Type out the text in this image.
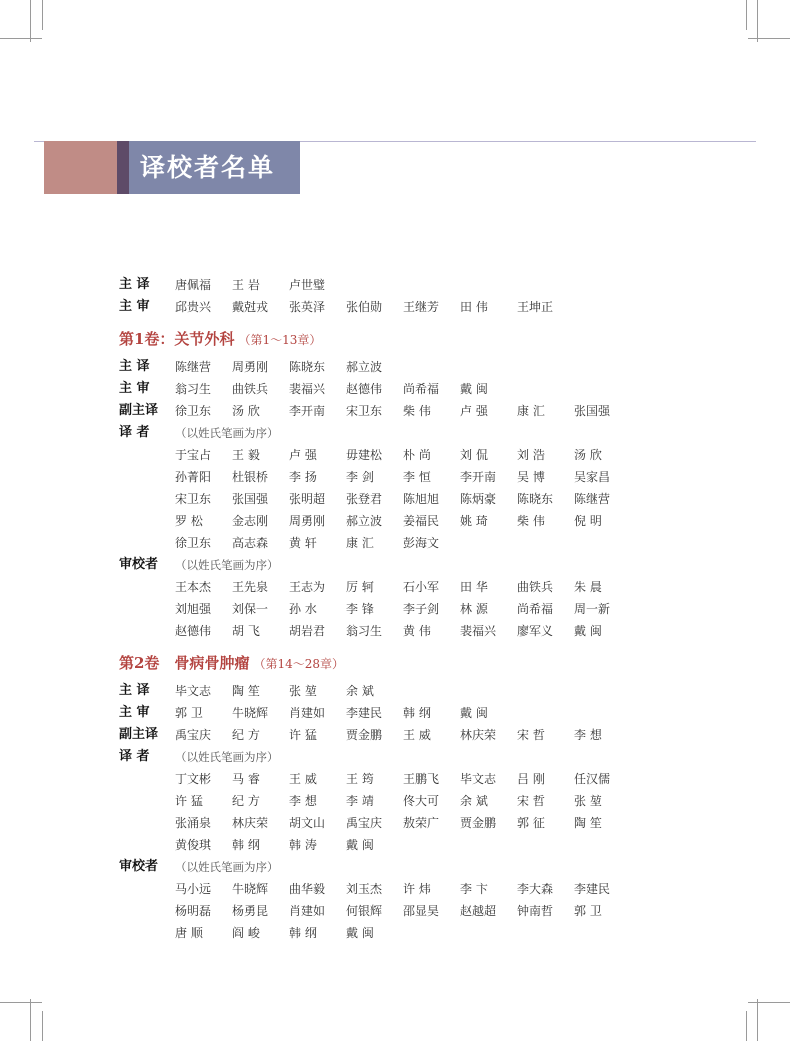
译校者名单
主 译	唐佩福 王 岩 卢世璧
主 审	邱贵兴 戴尅戎 张英泽 张伯勋 王继芳 田 伟 王坤正
第1卷：关节外科 （第1～13章）
主 译	陈继营 周勇刚 陈晓东 郝立波
主 审	翁习生 曲铁兵 裴福兴 赵德伟 尚希福 戴 闽
副主译	徐卫东 汤 欣 李开南 宋卫东 柴 伟 卢 强 康 汇 张国强
译 者	（以姓氏笔画为序）
于宝占 王 毅 卢 强 毋建松 朴 尚 刘 侃 刘 浩 汤 欣
孙菁阳 杜银桥 李 扬 李 剑 李 恒 李开南 吴 博 吴家昌
宋卫东 张国强 张明超 张登君 陈旭旭 陈炳豪 陈晓东 陈继营
罗 松 金志刚 周勇刚 郝立波 姜福民 姚 琦 柴 伟 倪 明
徐卫东 高志森 黄 轩 康 汇 彭海文
审校者	（以姓氏笔画为序）
王本杰 王先泉 王志为 厉 轲 石小军 田 华 曲铁兵 朱 晨
刘旭强 刘保一 孙 水 李 锋 李子剑 林 源 尚希福 周一新
赵德伟 胡 飞 胡岩君 翁习生 黄 伟 裴福兴 廖军义 戴 闽
第2卷　骨病骨肿瘤 （第14～28章）
主 译	毕文志 陶 笙 张 堃 余 斌
主 审	郭 卫 牛晓辉 肖建如 李建民 韩 纲 戴 闽
副主译	禹宝庆 纪 方 许 猛 贾金鹏 王 威 林庆荣 宋 哲 李 想
译 者	（以姓氏笔画为序）
丁文彬 马 睿 王 威 王 筠 王鹏飞 毕文志 吕 刚 任汉儒
许 猛 纪 方 李 想 李 靖 佟大可 余 斌 宋 哲 张 堃
张涌泉 林庆荣 胡文山 禹宝庆 敖荣广 贾金鹏 郭 征 陶 笙
黄俊琪 韩 纲 韩 涛 戴 闽
审校者	（以姓氏笔画为序）
马小远 牛晓辉 曲华毅 刘玉杰 许 炜 李 卞 李大森 李建民
杨明磊 杨勇昆 肖建如 何银辉 邵显昊 赵越超 钟南哲 郭 卫
唐 顺 阎 峻 韩 纲 戴 闽
